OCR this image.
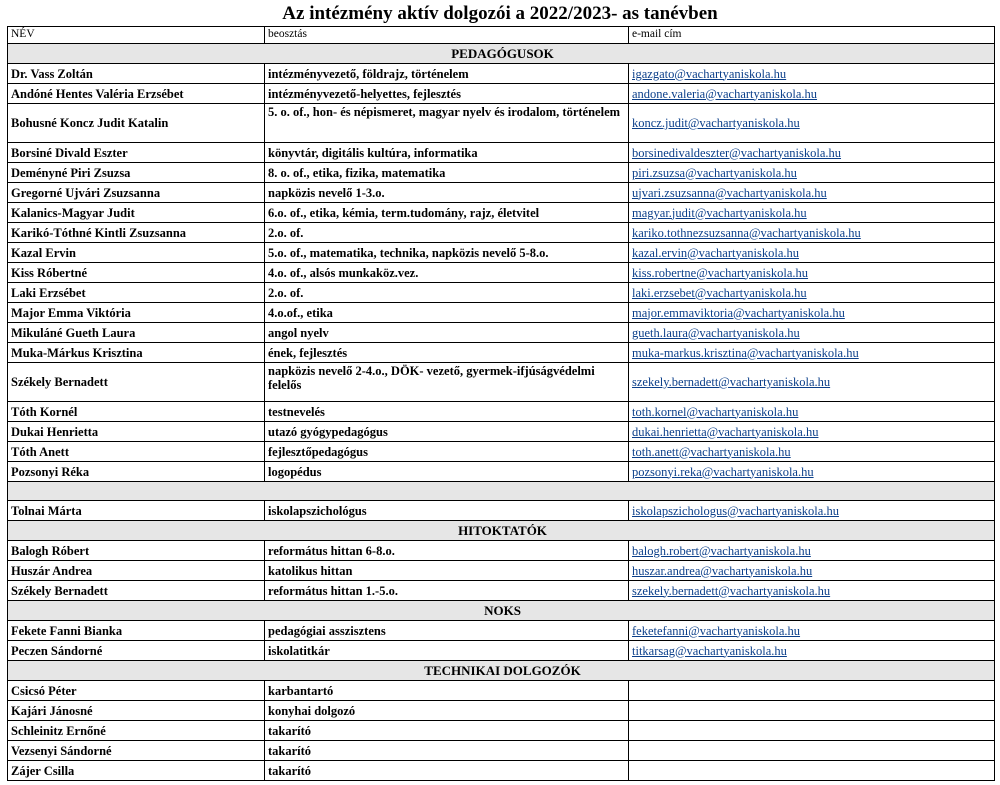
Az intézmény aktív dolgozói a 2022/2023- as tanévben
NÉV	beosztás	e-mail cím
PEDAGÓGUSOK		
Dr. Vass Zoltán	intézményvezető, földrajz, történelem	igazgato@vachartyaniskola.hu
Andóné Hentes Valéria Erzsébet	intézményvezető-helyettes, fejlesztés	andone.valeria@vachartyaniskola.hu
Bohusné Koncz Judit Katalin	5. o. of., hon- és népismeret, magyar nyelv és irodalom, történelem	koncz.judit@vachartyaniskola.hu
Borsiné Divald Eszter	könyvtár, digitális kultúra, informatika	borsinedivaldeszter@vachartyaniskola.hu
Deményné Piri Zsuzsa	8. o. of., etika, fizika, matematika	piri.zsuzsa@vachartyaniskola.hu
Gregorné Ujvári Zsuzsanna	napközis nevelő 1-3.o.	ujvari.zsuzsanna@vachartyaniskola.hu
Kalanics-Magyar Judit	6.o. of., etika, kémia, term.tudomány, rajz, életvitel	magyar.judit@vachartyaniskola.hu
Karikó-Tóthné Kintli Zsuzsanna	2.o. of.	kariko.tothnezsuzsanna@vachartyaniskola.hu
Kazal Ervin	5.o. of., matematika, technika, napközis nevelő 5-8.o.	kazal.ervin@vachartyaniskola.hu
Kiss Róbertné	4.o. of., alsós munkaköz.vez.	kiss.robertne@vachartyaniskola.hu
Laki Erzsébet	2.o. of.	laki.erzsebet@vachartyaniskola.hu
Major Emma Viktória	4.o.of., etika	major.emmaviktoria@vachartyaniskola.hu
Mikuláné Gueth Laura	angol nyelv	gueth.laura@vachartyaniskola.hu
Muka-Márkus Krisztina	ének, fejlesztés	muka-markus.krisztina@vachartyaniskola.hu
Székely Bernadett	napközis nevelő 2-4.o., DÖK- vezető, gyermek-ifjúságvédelmi felelős	szekely.bernadett@vachartyaniskola.hu
Tóth Kornél	testnevelés	toth.kornel@vachartyaniskola.hu
Dukai Henrietta	utazó gyógypedagógus	dukai.henrietta@vachartyaniskola.hu
Tóth Anett	fejlesztőpedagógus	toth.anett@vachartyaniskola.hu
Pozsonyi Réka	logopédus	pozsonyi.reka@vachartyaniskola.hu

Tolnai Márta	iskolapszichológus	iskolapszichologus@vachartyaniskola.hu
HITOKTATÓK		
Balogh Róbert	református hittan 6-8.o.	balogh.robert@vachartyaniskola.hu
Huszár Andrea	katolikus hittan	huszar.andrea@vachartyaniskola.hu
Székely Bernadett	református hittan 1.-5.o.	szekely.bernadett@vachartyaniskola.hu
NOKS		
Fekete Fanni Bianka	pedagógiai asszisztens	feketefanni@vachartyaniskola.hu
Peczen Sándorné	iskolatitkár	titkarsag@vachartyaniskola.hu
TECHNIKAI DOLGOZÓK		
Csicsó Péter	karbantartó	
Kajári Jánosné	konyhai dolgozó	
Schleinitz Ernőné	takarító	
Vezsenyi Sándorné	takarító	
Zájer Csilla	takarító	
